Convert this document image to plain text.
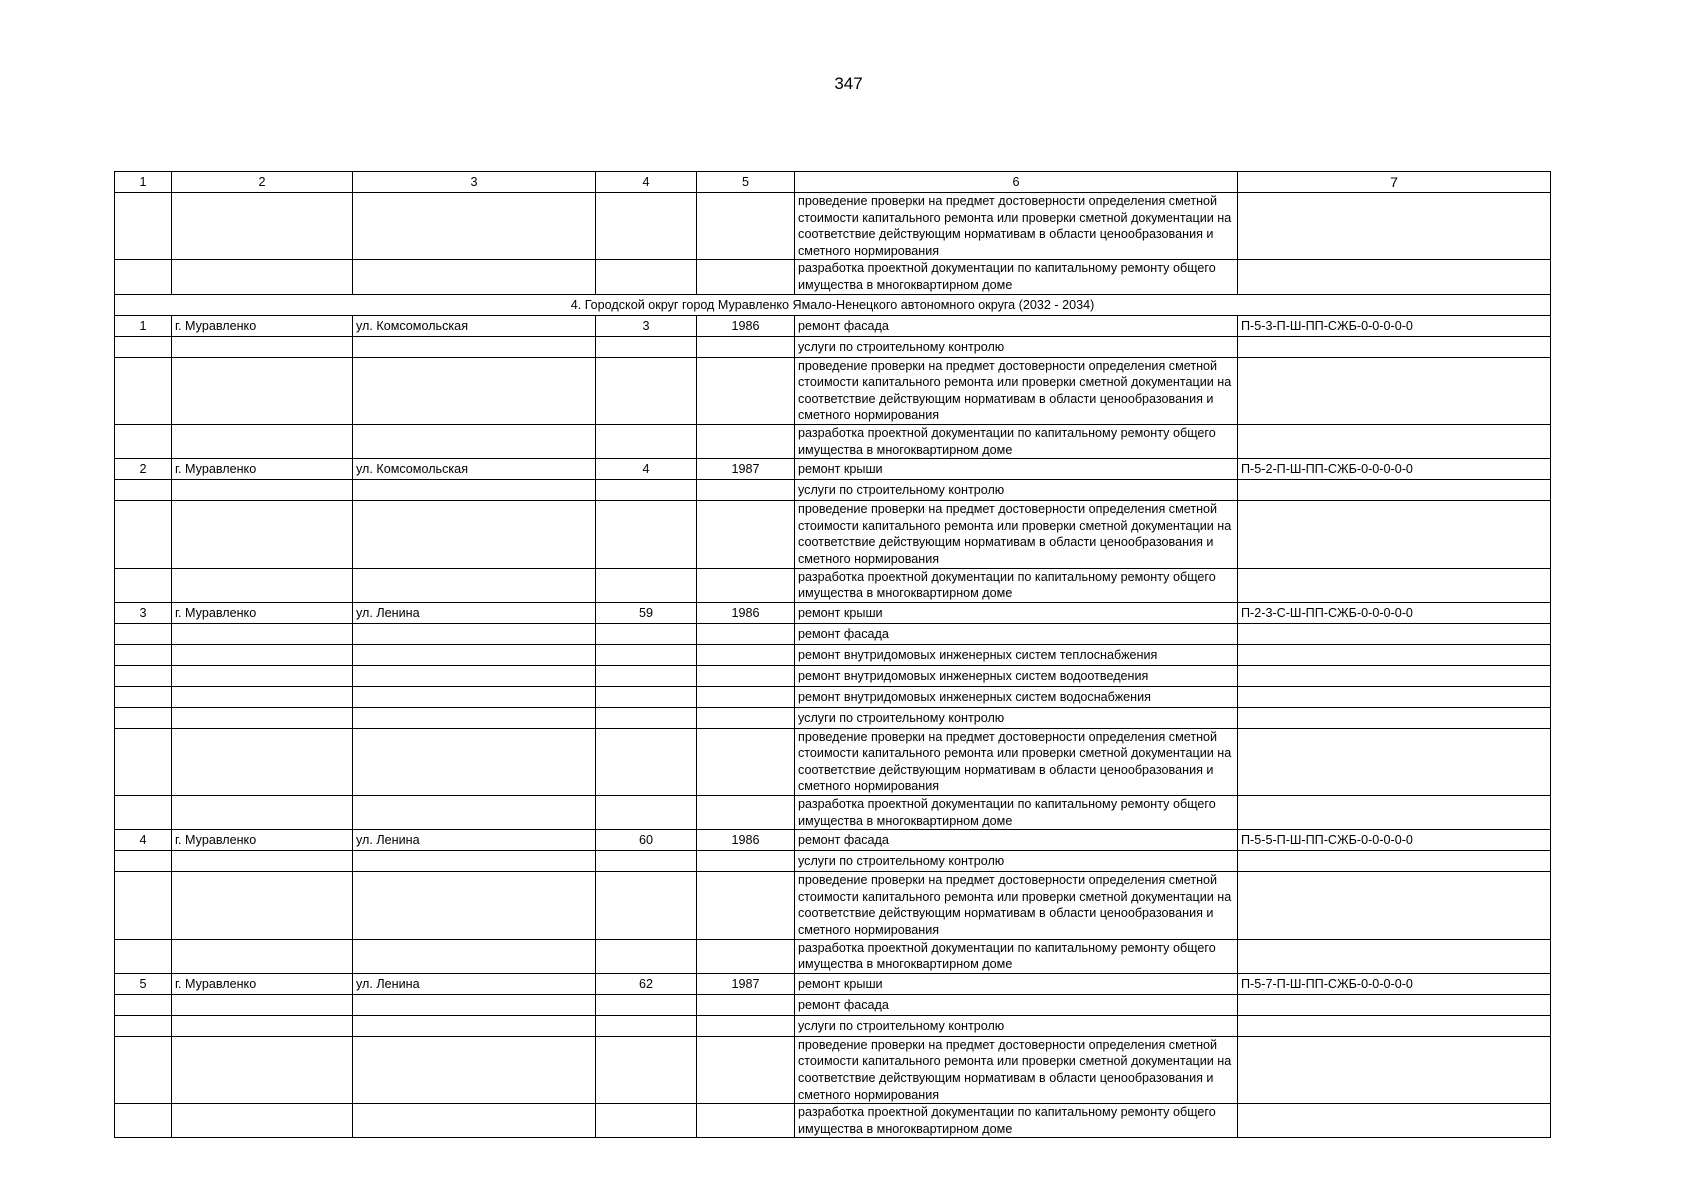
347
1	2	3	4	5	6	7
					проведение проверки на предмет достоверности определения сметной стоимости капитального ремонта или проверки сметной документации на соответствие действующим нормативам в области ценообразования и сметного нормирования	
					разработка проектной документации по капитальному ремонту общего имущества в многоквартирном доме	
4. Городской округ город Муравленко Ямало-Ненецкого автономного округа (2032 - 2034)						
1	г. Муравленко	ул. Комсомольская	3	1986	ремонт фасада	П-5-3-П-Ш-ПП-СЖБ-0-0-0-0-0
					услуги по строительному контролю	
					проведение проверки на предмет достоверности определения сметной стоимости капитального ремонта или проверки сметной документации на соответствие действующим нормативам в области ценообразования и сметного нормирования	
					разработка проектной документации по капитальному ремонту общего имущества в многоквартирном доме	
2	г. Муравленко	ул. Комсомольская	4	1987	ремонт крыши	П-5-2-П-Ш-ПП-СЖБ-0-0-0-0-0
					услуги по строительному контролю	
					проведение проверки на предмет достоверности определения сметной стоимости капитального ремонта или проверки сметной документации на соответствие действующим нормативам в области ценообразования и сметного нормирования	
					разработка проектной документации по капитальному ремонту общего имущества в многоквартирном доме	
3	г. Муравленко	ул. Ленина	59	1986	ремонт крыши	П-2-3-С-Ш-ПП-СЖБ-0-0-0-0-0
					ремонт фасада	
					ремонт внутридомовых инженерных систем теплоснабжения	
					ремонт внутридомовых инженерных систем водоотведения	
					ремонт внутридомовых инженерных систем водоснабжения	
					услуги по строительному контролю	
					проведение проверки на предмет достоверности определения сметной стоимости капитального ремонта или проверки сметной документации на соответствие действующим нормативам в области ценообразования и сметного нормирования	
					разработка проектной документации по капитальному ремонту общего имущества в многоквартирном доме	
4	г. Муравленко	ул. Ленина	60	1986	ремонт фасада	П-5-5-П-Ш-ПП-СЖБ-0-0-0-0-0
					услуги по строительному контролю	
					проведение проверки на предмет достоверности определения сметной стоимости капитального ремонта или проверки сметной документации на соответствие действующим нормативам в области ценообразования и сметного нормирования	
					разработка проектной документации по капитальному ремонту общего имущества в многоквартирном доме	
5	г. Муравленко	ул. Ленина	62	1987	ремонт крыши	П-5-7-П-Ш-ПП-СЖБ-0-0-0-0-0
					ремонт фасада	
					услуги по строительному контролю	
					проведение проверки на предмет достоверности определения сметной стоимости капитального ремонта или проверки сметной документации на соответствие действующим нормативам в области ценообразования и сметного нормирования	
					разработка проектной документации по капитальному ремонту общего имущества в многоквартирном доме	
